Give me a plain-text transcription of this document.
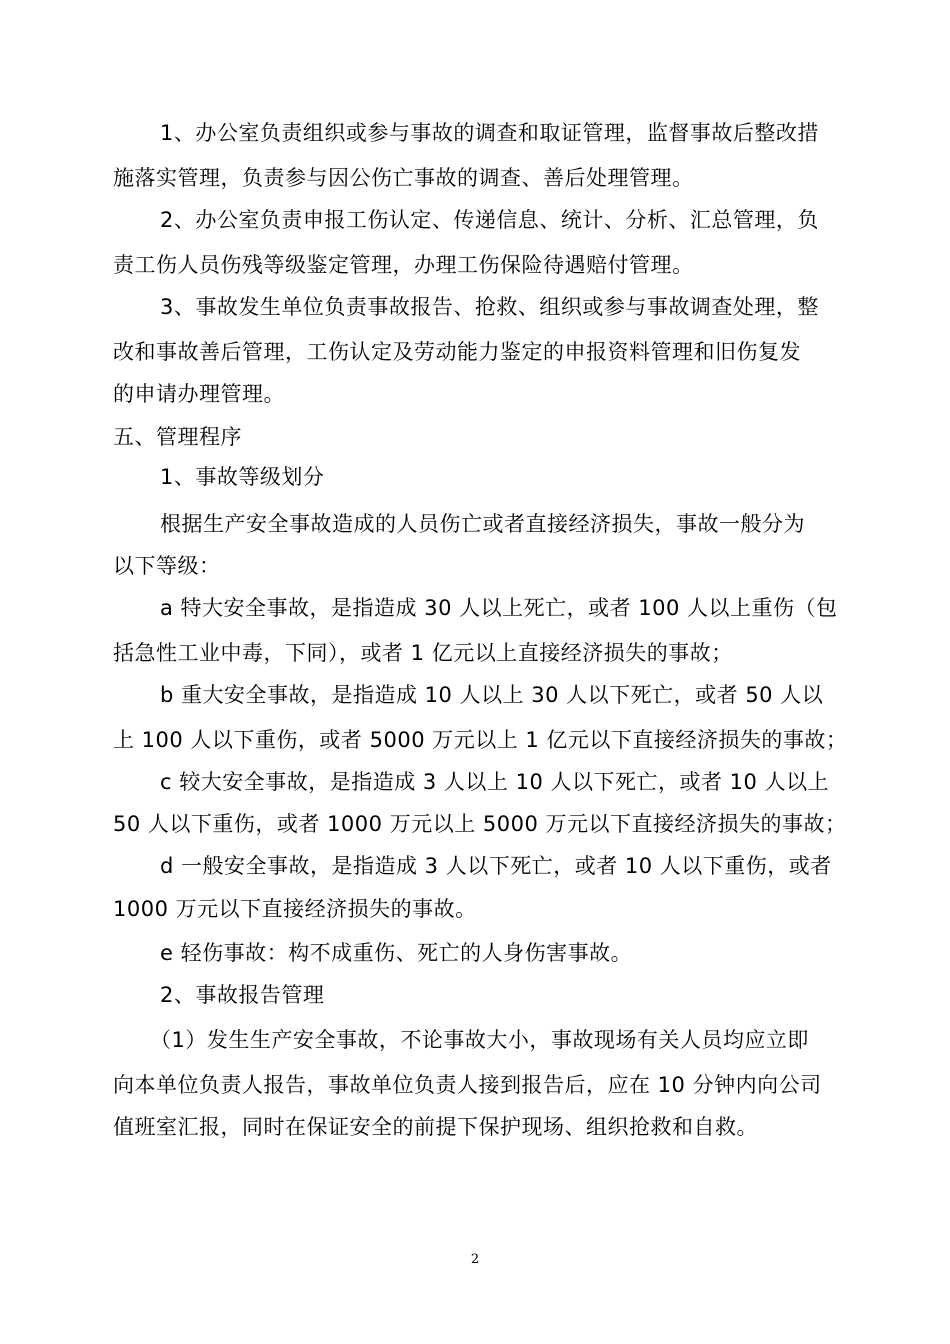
1、办公室负责组织或参与事故的调查和取证管理，监督事故后整改措
施落实管理，负责参与因公伤亡事故的调查、善后处理管理。
2、办公室负责申报工伤认定、传递信息、统计、分析、汇总管理，负
责工伤人员伤残等级鉴定管理，办理工伤保险待遇赔付管理。
3、事故发生单位负责事故报告、抢救、组织或参与事故调查处理，整
改和事故善后管理，工伤认定及劳动能力鉴定的申报资料管理和旧伤复发
的申请办理管理。
五、管理程序
1、事故等级划分
根据生产安全事故造成的人员伤亡或者直接经济损失，事故一般分为
以下等级：
a 特大安全事故，是指造成 30 人以上死亡，或者 100 人以上重伤（包
括急性工业中毒，下同），或者 1 亿元以上直接经济损失的事故；
b 重大安全事故，是指造成 10 人以上 30 人以下死亡，或者 50 人以
上 100 人以下重伤，或者 5000 万元以上 1 亿元以下直接经济损失的事故；
c 较大安全事故，是指造成 3 人以上 10 人以下死亡，或者 10 人以上
50 人以下重伤，或者 1000 万元以上 5000 万元以下直接经济损失的事故；
d 一般安全事故，是指造成 3 人以下死亡，或者 10 人以下重伤，或者
1000 万元以下直接经济损失的事故。
e 轻伤事故：构不成重伤、死亡的人身伤害事故。
2、事故报告管理
（1）发生生产安全事故，不论事故大小，事故现场有关人员均应立即
向本单位负责人报告，事故单位负责人接到报告后，应在 10 分钟内向公司
值班室汇报，同时在保证安全的前提下保护现场、组织抢救和自救。
2
